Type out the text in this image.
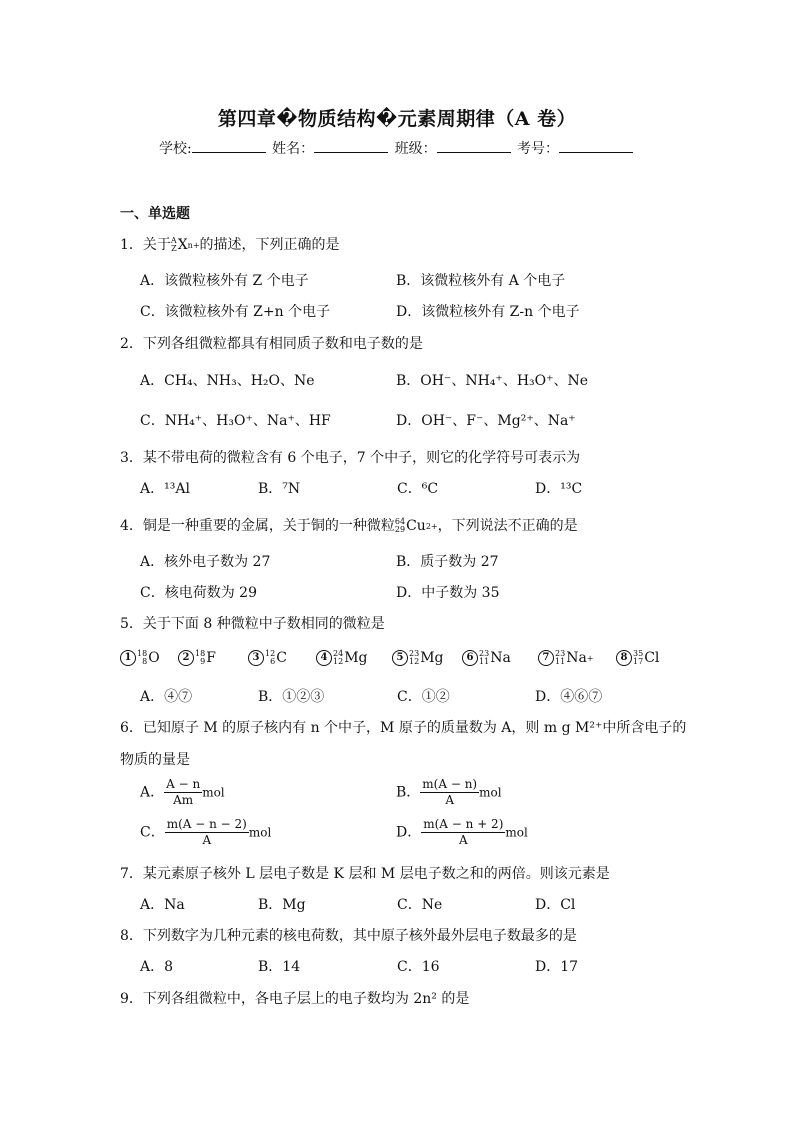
第四章�物质结构�元素周期律（A 卷）
学校:	姓名：	班级：	考号：
一、单选题
1．关于 A
Z X n+ 的描述，下列正确的是
A．该微粒核外有 Z 个电子	B．该微粒核外有 A 个电子
C．该微粒核外有 Z+n 个电子	D．该微粒核外有 Z-n 个电子
2．下列各组微粒都具有相同质子数和电子数的是
A．CH₄、NH₃、H₂O、Ne	B．OH⁻、NH₄⁺、H₃O⁺、Ne
C．NH₄⁺、H₃O⁺、Na⁺、HF	D．OH⁻、F⁻、Mg²⁺、Na⁺
3．某不带电荷的微粒含有 6 个电子，7 个中子，则它的化学符号可表示为
A．¹³Al	B．⁷N	C．⁶C	D．¹³C
4．铜是一种重要的金属，关于铜的一种微粒 64
29 Cu 2+ ，下列说法不正确的是
A．核外电子数为 27	B．质子数为 27
C．核电荷数为 29	D．中子数为 35
5．关于下面 8 种微粒中子数相同的微粒是
1 18
8 O	2 18
9 F	3 12
6 C	4 24
12 Mg	5 23
12 Mg	6 23
11 Na	7 23
11 Na +	8 35
17 Cl
A．④⑦	B．①②③	C．①②	D．④⑥⑦
6．已知原子 M 的原子核内有 n 个中子，M 原子的质量数为 A，则 m g M²⁺中所含电子的
物质的量是
A． $\frac{A - n}{Am}$ mol	B． $\frac{m(A - n)}{A}$ mol
C． $\frac{m(A - n - 2)}{A}$ mol	D． $\frac{m(A - n + 2)}{A}$ mol
7．某元素原子核外 L 层电子数是 K 层和 M 层电子数之和的两倍。则该元素是
A．Na	B．Mg	C．Ne	D．Cl
8．下列数字为几种元素的核电荷数，其中原子核外最外层电子数最多的是
A．8	B．14	C．16	D．17
9．下列各组微粒中，各电子层上的电子数均为 2n² 的是
